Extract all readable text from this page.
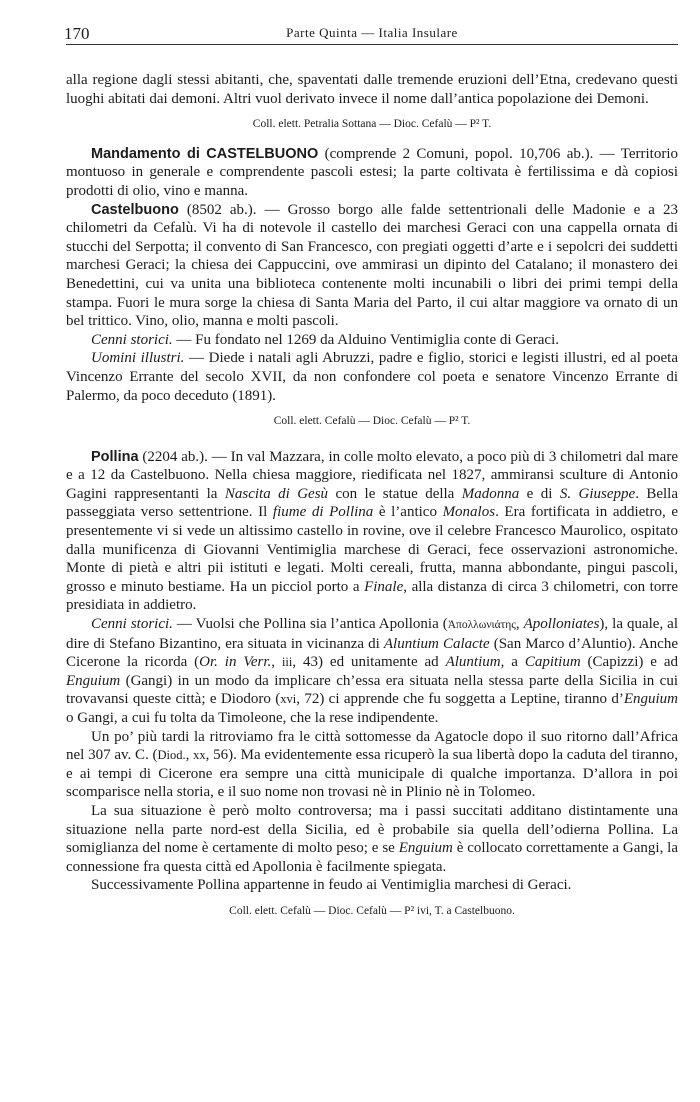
170	Parte Quinta — Italia Insulare

alla regione dagli stessi abitanti, che, spaventati dalle tremende eruzioni dell’Etna, credevano questi luoghi abitati dai demoni. Altri vuol derivato invece il nome dall’antica popolazione dei Demoni.

Coll. elett. Petralia Sottana — Dioc. Cefalù — P² T.

Mandamento di CASTELBUONO (comprende 2 Comuni, popol. 10,706 ab.). — Territorio montuoso in generale e comprendente pascoli estesi; la parte coltivata è fertilissima e dà copiosi prodotti di olio, vino e manna.

Castelbuono (8502 ab.). — Grosso borgo alle falde settentrionali delle Madonie e a 23 chilometri da Cefalù. Vi ha di notevole il castello dei marchesi Geraci con una cappella ornata di stucchi del Serpotta; il convento di San Francesco, con pregiati oggetti d’arte e i sepolcri dei suddetti marchesi Geraci; la chiesa dei Cappuccini, ove ammirasi un dipinto del Catalano; il monastero dei Benedettini, cui va unita una biblioteca contenente molti incunabili o libri dei primi tempi della stampa. Fuori le mura sorge la chiesa di Santa Maria del Parto, il cui altar maggiore va ornato di un bel trittico. Vino, olio, manna e molti pascoli.

Cenni storici. — Fu fondato nel 1269 da Alduino Ventimiglia conte di Geraci.

Uomini illustri. — Diede i natali agli Abruzzi, padre e figlio, storici e legisti illustri, ed al poeta Vincenzo Errante del secolo XVII, da non confondere col poeta e senatore Vincenzo Errante di Palermo, da poco deceduto (1891).

Coll. elett. Cefalù — Dioc. Cefalù — P² T.

Pollina (2204 ab.). — In val Mazzara, in colle molto elevato, a poco più di 3 chilometri dal mare e a 12 da Castelbuono. Nella chiesa maggiore, riedificata nel 1827, ammiransi sculture di Antonio Gagini rappresentanti la Nascita di Gesù con le statue della Madonna e di S. Giuseppe. Bella passeggiata verso settentrione. Il fiume di Pollina è l’antico Monalos. Era fortificata in addietro, e presentemente vi si vede un altissimo castello in rovine, ove il celebre Francesco Maurolico, ospitato dalla munificenza di Giovanni Ventimiglia marchese di Geraci, fece osservazioni astronomiche. Monte di pietà e altri pii istituti e legati. Molti cereali, frutta, manna abbondante, pingui pascoli, grosso e minuto bestiame. Ha un picciol porto a Finale, alla distanza di circa 3 chilometri, con torre presidiata in addietro.

Cenni storici. — Vuolsi che Pollina sia l’antica Apollonia (Ἀπολλωνιάτης, Apolloniates), la quale, al dire di Stefano Bizantino, era situata in vicinanza di Aluntium Calacte (San Marco d’Aluntio). Anche Cicerone la ricorda (Or. in Verr., iii, 43) ed unitamente ad Aluntium, a Capitium (Capizzi) e ad Enguium (Gangi) in un modo da implicare ch’essa era situata nella stessa parte della Sicilia in cui trovavansi queste città; e Diodoro (xvi, 72) ci apprende che fu soggetta a Leptine, tiranno d’Enguium o Gangi, a cui fu tolta da Timoleone, che la rese indipendente.

Un po’ più tardi la ritroviamo fra le città sottomesse da Agatocle dopo il suo ritorno dall’Africa nel 307 av. C. (Diod., xx, 56). Ma evidentemente essa ricuperò la sua libertà dopo la caduta del tiranno, e ai tempi di Cicerone era sempre una città municipale di qualche importanza. D’allora in poi scomparisce nella storia, e il suo nome non trovasi nè in Plinio nè in Tolomeo.

La sua situazione è però molto controversa; ma i passi succitati additano distintamente una situazione nella parte nord-est della Sicilia, ed è probabile sia quella dell’odierna Pollina. La somiglianza del nome è certamente di molto peso; e se Enguium è collocato correttamente a Gangi, la connessione fra questa città ed Apollonia è facilmente spiegata.

Successivamente Pollina appartenne in feudo ai Ventimiglia marchesi di Geraci.

Coll. elett. Cefalù — Dioc. Cefalù — P² ivi, T. a Castelbuono.
